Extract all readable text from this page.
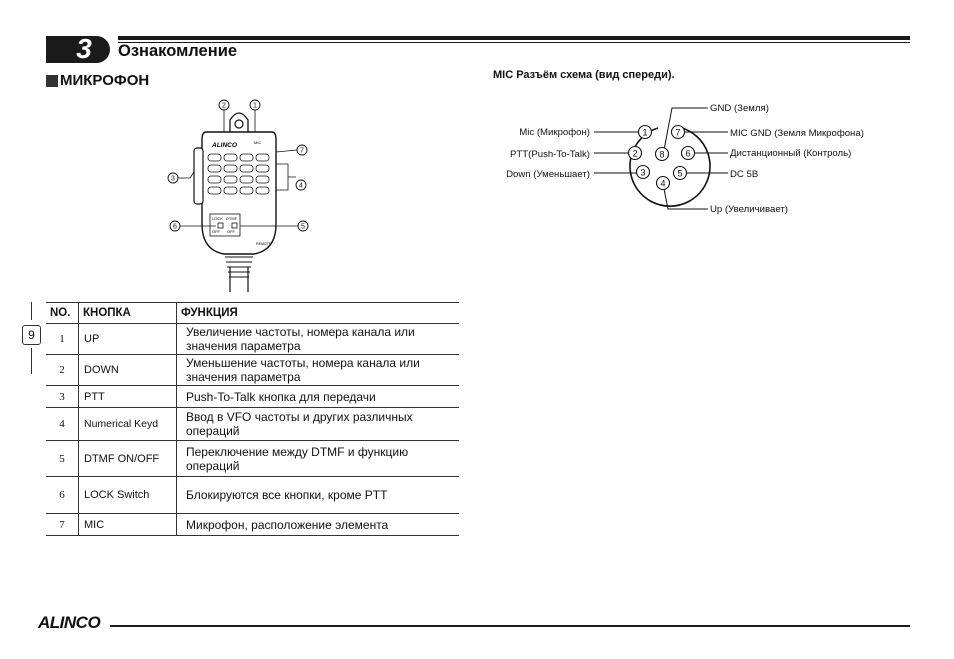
3	Ознакомление
МИКРОФОН
9
ALINCO	MIC
LOCK DTMF
OFF OFF
REMOTE
2	1
3
7
4
6	5
MIC Разъём схема (вид спереди).
1	7
2 8 6
3	5
4
GND (Земля)
Mic (Микрофон)	MIC GND (Земля Микрофона)
PTT(Push-To-Talk)	Дистанционный (Контроль)
Down (Уменьшает)	DC 5B
Up (Увеличивает)
NO.	КНОПКА	ФУНКЦИЯ
1	UP	Увеличение частоты, номера канала или значения параметра
2	DOWN	Уменьшение частоты, номера канала или значения параметра
3	PTT	Push-To-Talk кнопка для передачи
4	Numerical Keyd	Ввод в VFO частоты и других различных операций
5	DTMF ON/OFF	Переключение между DTMF и функцию операций
6	LOCK Switch	Блокируются все кнопки, кроме PTT
7	MIC	Микрофон, расположение элемента
ALINCO
